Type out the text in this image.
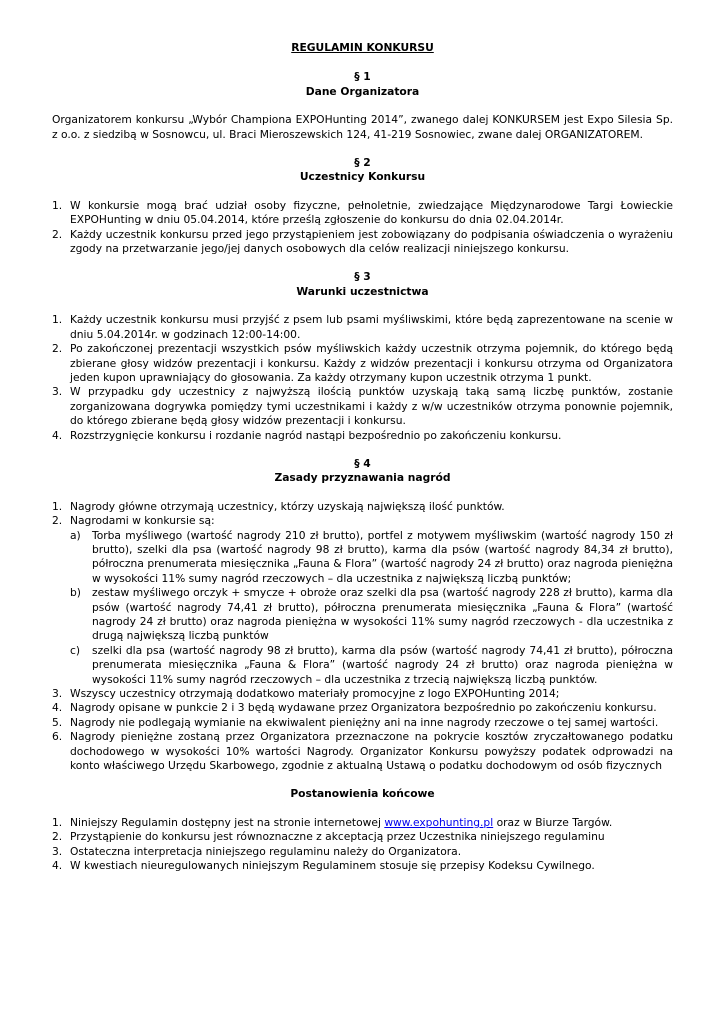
REGULAMIN KONKURSU
§ 1
Dane Organizatora

Organizatorem konkursu „Wybór Championa EXPOHunting 2014”, zwanego dalej KONKURSEM jest Expo Silesia Sp. z o.o. z siedzibą w Sosnowcu, ul. Braci Mieroszewskich 124, 41-219 Sosnowiec, zwane dalej ORGANIZATOREM.

§ 2
Uczestnicy Konkursu
1. W konkursie mogą brać udział osoby fizyczne, pełnoletnie, zwiedzające Międzynarodowe Targi Łowieckie EXPOHunting w dniu 05.04.2014, które prześlą zgłoszenie do konkursu do dnia 02.04.2014r.
2. Każdy uczestnik konkursu przed jego przystąpieniem jest zobowiązany do podpisania oświadczenia o wyrażeniu zgody na przetwarzanie jego/jej danych osobowych dla celów realizacji niniejszego konkursu.
§ 3
Warunki uczestnictwa
1. Każdy uczestnik konkursu musi przyjść z psem lub psami myśliwskimi, które będą zaprezentowane na scenie w dniu 5.04.2014r. w godzinach 12:00-14:00.
2. Po zakończonej prezentacji wszystkich psów myśliwskich każdy uczestnik otrzyma pojemnik, do którego będą zbierane głosy widzów prezentacji i konkursu. Każdy z widzów prezentacji i konkursu otrzyma od Organizatora jeden kupon uprawniający do głosowania. Za każdy otrzymany kupon uczestnik otrzyma 1 punkt.
3. W przypadku gdy uczestnicy z najwyższą ilością punktów uzyskają taką samą liczbę punktów, zostanie zorganizowana dogrywka pomiędzy tymi uczestnikami i każdy z w/w uczestników otrzyma ponownie pojemnik, do którego zbierane będą głosy widzów prezentacji i konkursu.
4. Rozstrzygnięcie konkursu i rozdanie nagród nastąpi bezpośrednio po zakończeniu konkursu.
§ 4
Zasady przyznawania nagród
1. Nagrody główne otrzymają uczestnicy, którzy uzyskają największą ilość punktów.
2. Nagrodami w konkursie są:
a) Torba myśliwego (wartość nagrody 210 zł brutto), portfel z motywem myśliwskim (wartość nagrody 150 zł brutto), szelki dla psa (wartość nagrody 98 zł brutto), karma dla psów (wartość nagrody 84,34 zł brutto), półroczna prenumerata miesięcznika „Fauna & Flora” (wartość nagrody 24 zł brutto) oraz nagroda pieniężna w wysokości 11% sumy nagród rzeczowych – dla uczestnika z największą liczbą punktów;
b) zestaw myśliwego orczyk + smycze + obroże oraz szelki dla psa (wartość nagrody 228 zł brutto), karma dla psów (wartość nagrody 74,41 zł brutto), półroczna prenumerata miesięcznika „Fauna & Flora” (wartość nagrody 24 zł brutto) oraz nagroda pieniężna w wysokości 11% sumy nagród rzeczowych - dla uczestnika z drugą największą liczbą punktów
c) szelki dla psa (wartość nagrody 98 zł brutto), karma dla psów (wartość nagrody 74,41 zł brutto), półroczna prenumerata miesięcznika „Fauna & Flora” (wartość nagrody 24 zł brutto) oraz nagroda pieniężna w wysokości 11% sumy nagród rzeczowych – dla uczestnika z trzecią największą liczbą punktów.
3. Wszyscy uczestnicy otrzymają dodatkowo materiały promocyjne z logo EXPOHunting 2014;
4. Nagrody opisane w punkcie 2 i 3 będą wydawane przez Organizatora bezpośrednio po zakończeniu konkursu.
5. Nagrody nie podlegają wymianie na ekwiwalent pieniężny ani na inne nagrody rzeczowe o tej samej wartości.
6. Nagrody pieniężne zostaną przez Organizatora przeznaczone na pokrycie kosztów zryczałtowanego podatku dochodowego w wysokości 10% wartości Nagrody. Organizator Konkursu powyższy podatek odprowadzi na konto właściwego Urzędu Skarbowego, zgodnie z aktualną Ustawą o podatku dochodowym od osób fizycznych
Postanowienia końcowe
1. Niniejszy Regulamin dostępny jest na stronie internetowej www.expohunting.pl oraz w Biurze Targów.
2. Przystąpienie do konkursu jest równoznaczne z akceptacją przez Uczestnika niniejszego regulaminu
3. Ostateczna interpretacja niniejszego regulaminu należy do Organizatora.
4. W kwestiach nieuregulowanych niniejszym Regulaminem stosuje się przepisy Kodeksu Cywilnego.
